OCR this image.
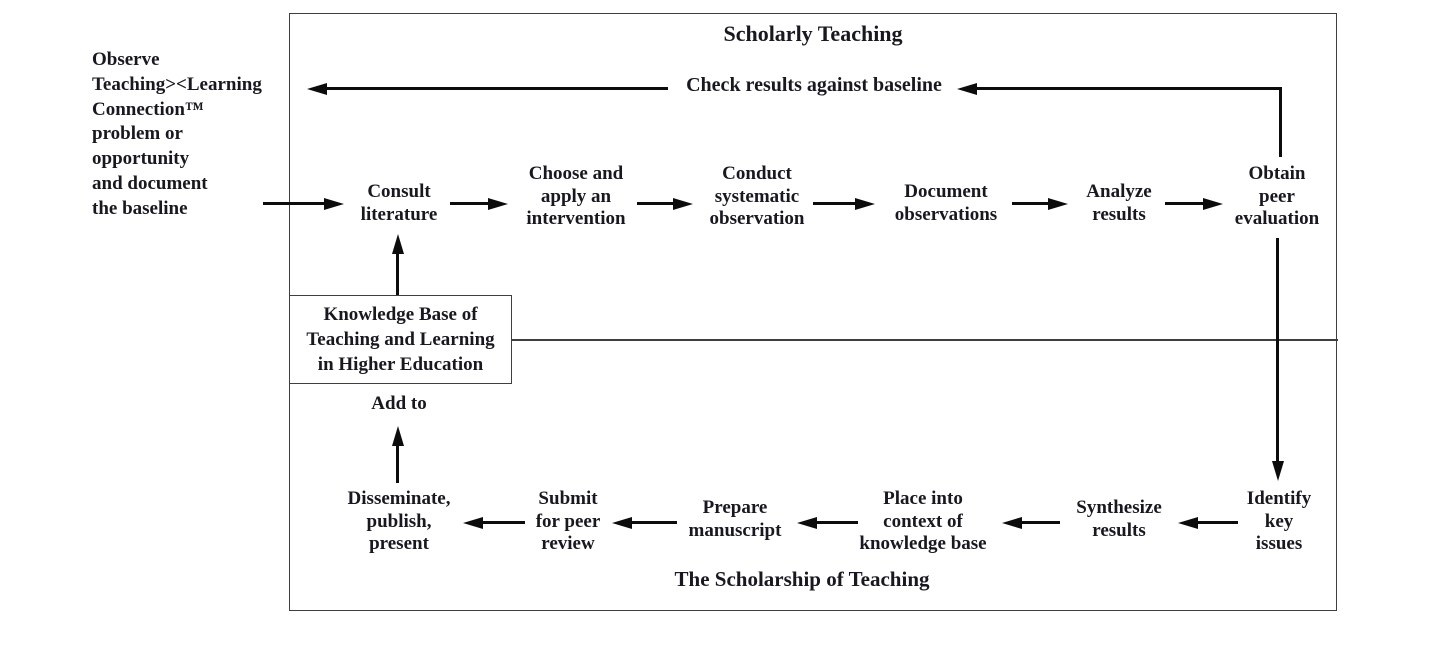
Scholarly Teaching
The Scholarship of Teaching
Check results against baseline
Observe
Teaching><Learning
Connection™
problem or
opportunity
and document
the baseline
Consult
literature
Choose and
apply an
intervention
Conduct
systematic
observation
Document
observations
Analyze
results
Obtain
peer
evaluation
Knowledge Base of
Teaching and Learning
in Higher Education
Add to
Identify
key
issues
Synthesize
results
Place into
context of
knowledge base
Prepare
manuscript
Submit
for peer
review
Disseminate,
publish,
present
